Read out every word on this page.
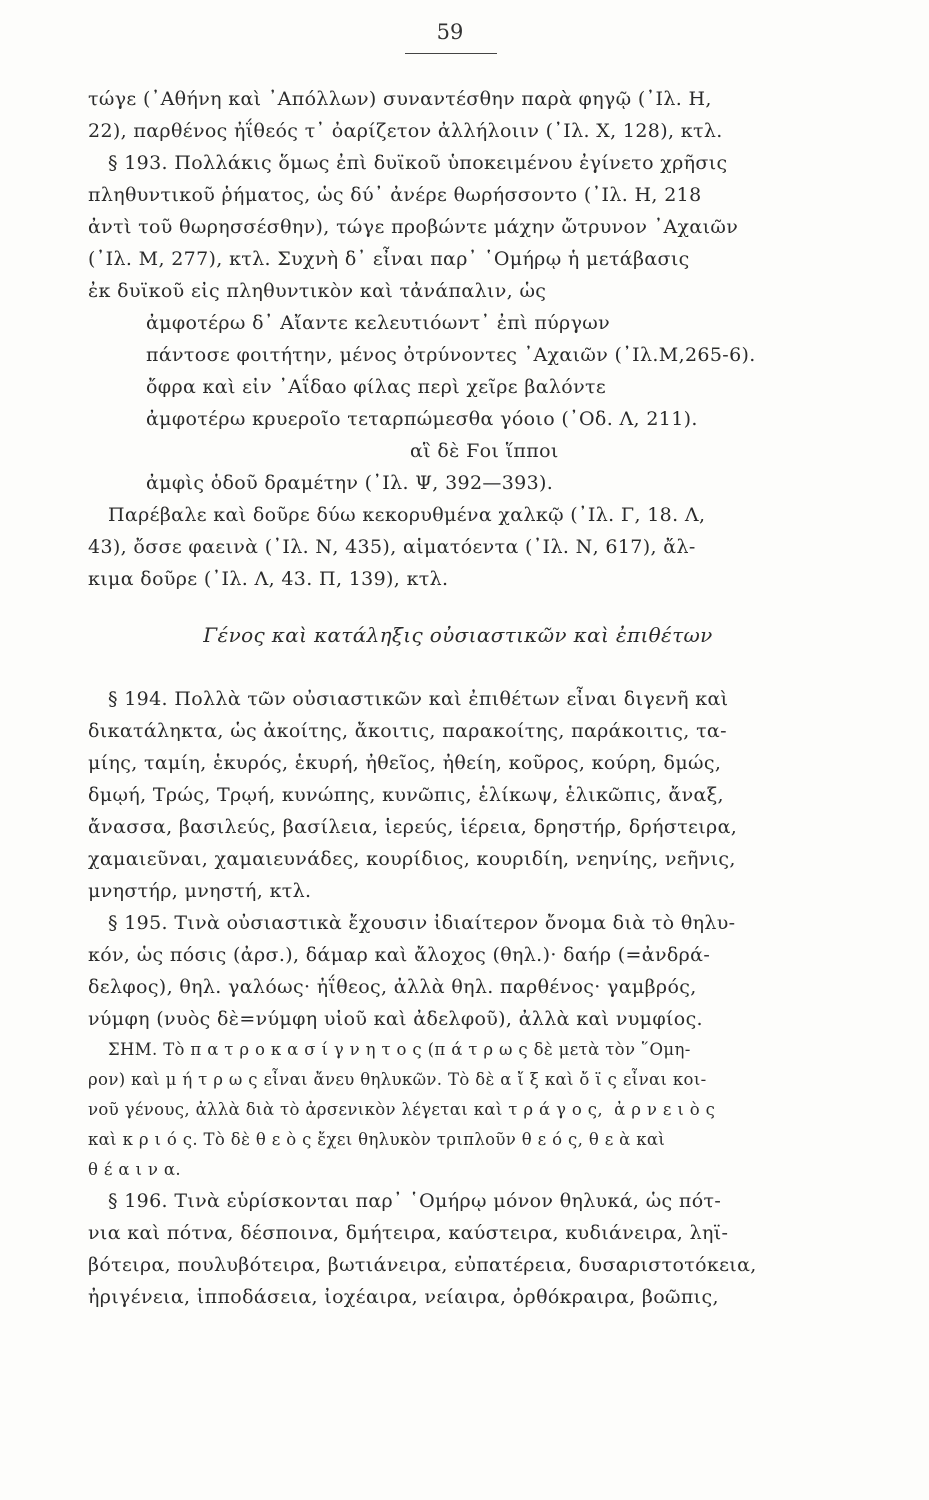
59
τώγε (᾿Αθήνη καὶ ᾿Απόλλων) συναντέσθην παρὰ φηγῷ (᾿Ιλ. Η,
22), παρθένος ἠΐθεός τ᾿ ὀαρίζετον ἀλλήλοιιν (᾿Ιλ. Χ, 128), κτλ.
§ 193. Πολλάκις ὅμως ἐπὶ δυϊκοῦ ὑποκειμένου ἐγίνετο χρῆσις
πληθυντικοῦ ῥήματος, ὡς δύ᾿ ἀνέρε θωρήσσοντο (᾿Ιλ. Η, 218
ἀντὶ τοῦ θωρησσέσθην), τώγε προβώντε μάχην ὤτρυνον ᾿Αχαιῶν
(᾿Ιλ. Μ, 277), κτλ. Συχνὴ δ᾿ εἶναι παρ᾿ ῾Ομήρῳ ἡ μετάβασις
ἐκ δυϊκοῦ εἰς πληθυντικὸν καὶ τἀνάπαλιν, ὡς
ἀμφοτέρω δ᾿ Αἴαντε κελευτιόωντ᾿ ἐπὶ πύργων
πάντοσε φοιτήτην, μένος ὀτρύνοντες ᾿Αχαιῶν (᾿Ιλ.Μ,265-6).
ὄφρα καὶ εἰν ᾿Αΐδαο φίλας περὶ χεῖρε βαλόντε
ἀμφοτέρω κρυεροῖο τεταρπώμεσθα γόοιο (᾿Οδ. Λ, 211).
αἳ δὲ Ϝοι ἵπποι
ἀμφὶς ὁδοῦ δραμέτην (᾿Ιλ. Ψ, 392—393).
Παρέβαλε καὶ δοῦρε δύω κεκορυθμένα χαλκῷ (᾿Ιλ. Γ, 18. Λ,
43), ὄσσε φαεινὰ (᾿Ιλ. Ν, 435), αἱματόεντα (᾿Ιλ. Ν, 617), ἄλ-
κιμα δοῦρε (᾿Ιλ. Λ, 43. Π, 139), κτλ.
Γένος καὶ κατάληξις οὐσιαστικῶν καὶ ἐπιθέτων
§ 194. Πολλὰ τῶν οὐσιαστικῶν καὶ ἐπιθέτων εἶναι διγενῆ καὶ
δικατάληκτα, ὡς ἀκοίτης, ἄκοιτις, παρακοίτης, παράκοιτις, τα-
μίης, ταμίη, ἑκυρός, ἑκυρή, ἠθεῖος, ἠθείη, κοῦρος, κούρη, δμώς,
δμῳή, Τρώς, Τρῳή, κυνώπης, κυνῶπις, ἑλίκωψ, ἑλικῶπις, ἄναξ,
ἄνασσα, βασιλεύς, βασίλεια, ἱερεύς, ἱέρεια, δρηστήρ, δρήστειρα,
χαμαιεῦναι, χαμαιευνάδες, κουρίδιος, κουριδίη, νεηνίης, νεῆνις,
μνηστήρ, μνηστή, κτλ.
§ 195. Τινὰ οὐσιαστικὰ ἔχουσιν ἰδιαίτερον ὄνομα διὰ τὸ θηλυ-
κόν, ὡς πόσις (ἀρσ.), δάμαρ καὶ ἄλοχος (θηλ.)· δαήρ (=ἀνδρά-
δελφος), θηλ. γαλόως· ἠΐθεος, ἀλλὰ θηλ. παρθένος· γαμβρός,
νύμφη (νυὸς δὲ=νύμφη υἱοῦ καὶ ἀδελφοῦ), ἀλλὰ καὶ νυμφίος.
ΣΗΜ. Τὸ π α τ ρ ο κ α σ ί γ ν η τ ο ς (π ά τ ρ ω ς δὲ μετὰ τὸν ῞Ομη-
ρον) καὶ μ ή τ ρ ω ς εἶναι ἄνευ θηλυκῶν. Τὸ δὲ α ἴ ξ καὶ ὄ ϊ ς εἶναι κοι-
νοῦ γένους, ἀλλὰ διὰ τὸ ἀρσενικὸν λέγεται καὶ τ ρ ά γ ο ς,  ἀ ρ ν ε ι ὸ ς
καὶ κ ρ ι ό ς. Τὸ δὲ θ ε ὸ ς ἔχει θηλυκὸν τριπλοῦν θ ε ό ς, θ ε ὰ καὶ
θ έ α ι ν α.
§ 196. Τινὰ εὑρίσκονται παρ᾿ ῾Ομήρῳ μόνον θηλυκά, ὡς πότ-
νια καὶ πότνα, δέσποινα, δμήτειρα, καύστειρα, κυδιάνειρα, ληϊ-
βότειρα, πουλυβότειρα, βωτιάνειρα, εὐπατέρεια, δυσαριστοτόκεια,
ἠριγένεια, ἱπποδάσεια, ἰοχέαιρα, νείαιρα, ὀρθόκραιρα, βοῶπις,
